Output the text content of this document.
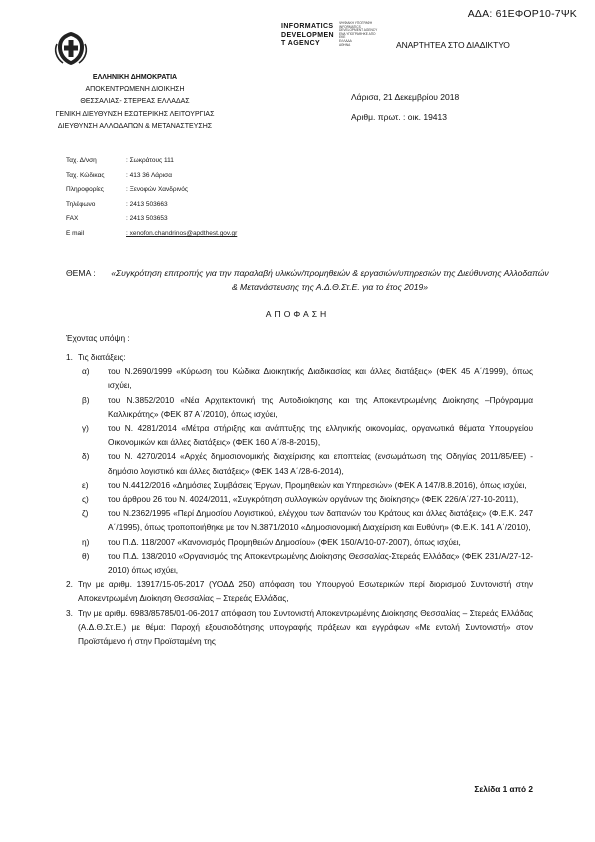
ΑΔΑ: 61ΕΦΟΡ10-7ΨΚ
ΕΛΛΗΝΙΚΗ ΔΗΜΟΚΡΑΤΙΑ
ΑΠΟΚΕΝΤΡΩΜΕΝΗ ΔΙΟΙΚΗΣΗ
ΘΕΣΣΑΛΙΑΣ- ΣΤΕΡΕΑΣ ΕΛΛΑΔΑΣ
ΓΕΝΙΚΗ ΔΙΕΥΘΥΝΣΗ ΕΣΩΤΕΡΙΚΗΣ ΛΕΙΤΟΥΡΓΙΑΣ
ΔΙΕΥΘΥΝΣΗ ΑΛΛΟΔΑΠΩΝ & ΜΕΤΑΝΑΣΤΕΥΣΗΣ
INFORMATICS
DEVELOPMEN
T AGENCY
ΨΗΦΙΑΚΗ ΥΠΟΓΡΑΦΗ
INFORMATICS
DEVELOPMENT AGENCY
ΕΝΑ ΥΠΟΓΡΑΦΗΚΕ ΑΠΟ
ΕΚΕ
ΕΛΛΑΔΑ
ΑΘΗΝΑ	ΑΝΑΡΤΗΤΕΑ ΣΤΟ ΔΙΑΔΙΚΤΥΟ
Λάρισα, 21 Δεκεμβρίου 2018
Αριθμ. πρωτ. : οικ. 19413
Ταχ. Δ/νση	: Σωκράτους 111
Ταχ. Κώδικας	: 413 36 Λάρισα
Πληροφορίες	: Ξενοφών Χανδρινός
Τηλέφωνο	: 2413 503663
FAX	: 2413 503653
E mail	: xenofon.chandrinos@apdthest.gov.gr
ΘΕΜΑ : «Συγκρότηση επιτροπής για την παραλαβή υλικών/προμηθειών & εργασιών/υπηρεσιών της Διεύθυνσης Αλλοδαπών & Μετανάστευσης της Α.Δ.Θ.Στ.Ε. για το έτος 2019»
ΑΠΟΦΑΣΗ
Έχοντας υπόψη :
1. Τις διατάξεις:
α)	του Ν.2690/1999 «Κύρωση του Κώδικα Διοικητικής Διαδικασίας και άλλες διατάξεις» (ΦΕΚ 45 Α΄/1999), όπως ισχύει,
β)	του Ν.3852/2010 «Νέα Αρχιτεκτονική της Αυτοδιοίκησης και της Αποκεντρωμένης Διοίκησης –Πρόγραμμα Καλλικράτης» (ΦΕΚ 87 Α΄/2010), όπως ισχύει,
γ)	του Ν. 4281/2014 «Μέτρα στήριξης και ανάπτυξης της ελληνικής οικονομίας, οργανωτικά θέματα Υπουργείου Οικονομικών και άλλες διατάξεις» (ΦΕΚ 160 Α΄/8-8-2015),
δ)	του Ν. 4270/2014 «Αρχές δημοσιονομικής διαχείρισης και εποπτείας (ενσωμάτωση της Οδηγίας 2011/85/ΕΕ) - δημόσιο λογιστικό και άλλες διατάξεις» (ΦΕΚ 143 Α΄/28-6-2014),
ε)	του Ν.4412/2016 «Δημόσιες Συμβάσεις Έργων, Προμηθειών και Υπηρεσιών» (ΦΕΚ Α 147/8.8.2016), όπως ισχύει,
ς)	του άρθρου 26 του Ν. 4024/2011, «Συγκρότηση συλλογικών οργάνων της διοίκησης» (ΦΕΚ 226/Α΄/27-10-2011),
ζ)	του Ν.2362/1995 «Περί Δημοσίου Λογιστικού, ελέγχου των δαπανών του Κράτους και άλλες διατάξεις» (Φ.Ε.Κ. 247 Α΄/1995), όπως τροποποιήθηκε με τον Ν.3871/2010 «Δημοσιονομική Διαχείριση και Ευθύνη» (Φ.Ε.Κ. 141 Α΄/2010),
η)	του Π.Δ. 118/2007 «Κανονισμός Προμηθειών Δημοσίου» (ΦΕΚ 150/Α/10-07-2007), όπως ισχύει,
θ)	του Π.Δ. 138/2010 «Οργανισμός της Αποκεντρωμένης Διοίκησης Θεσσαλίας-Στερεάς Ελλάδας» (ΦΕΚ 231/Α/27-12-2010) όπως ισχύει,
2. Την με αριθμ. 13917/15-05-2017 (ΥΟΔΔ 250) απόφαση του Υπουργού Εσωτερικών περί διορισμού Συντονιστή στην Αποκεντρωμένη Διοίκηση Θεσσαλίας – Στερεάς Ελλάδας,
3. Την με αριθμ. 6983/85785/01-06-2017 απόφαση του Συντονιστή Αποκεντρωμένης Διοίκησης Θεσσαλίας – Στερεάς Ελλάδας (Α.Δ.Θ.Στ.Ε.) με θέμα: Παροχή εξουσιοδότησης υπογραφής πράξεων και εγγράφων «Με εντολή Συντονιστή» στον Προϊστάμενο ή στην Προϊσταμένη της
Σελίδα 1 από 2
